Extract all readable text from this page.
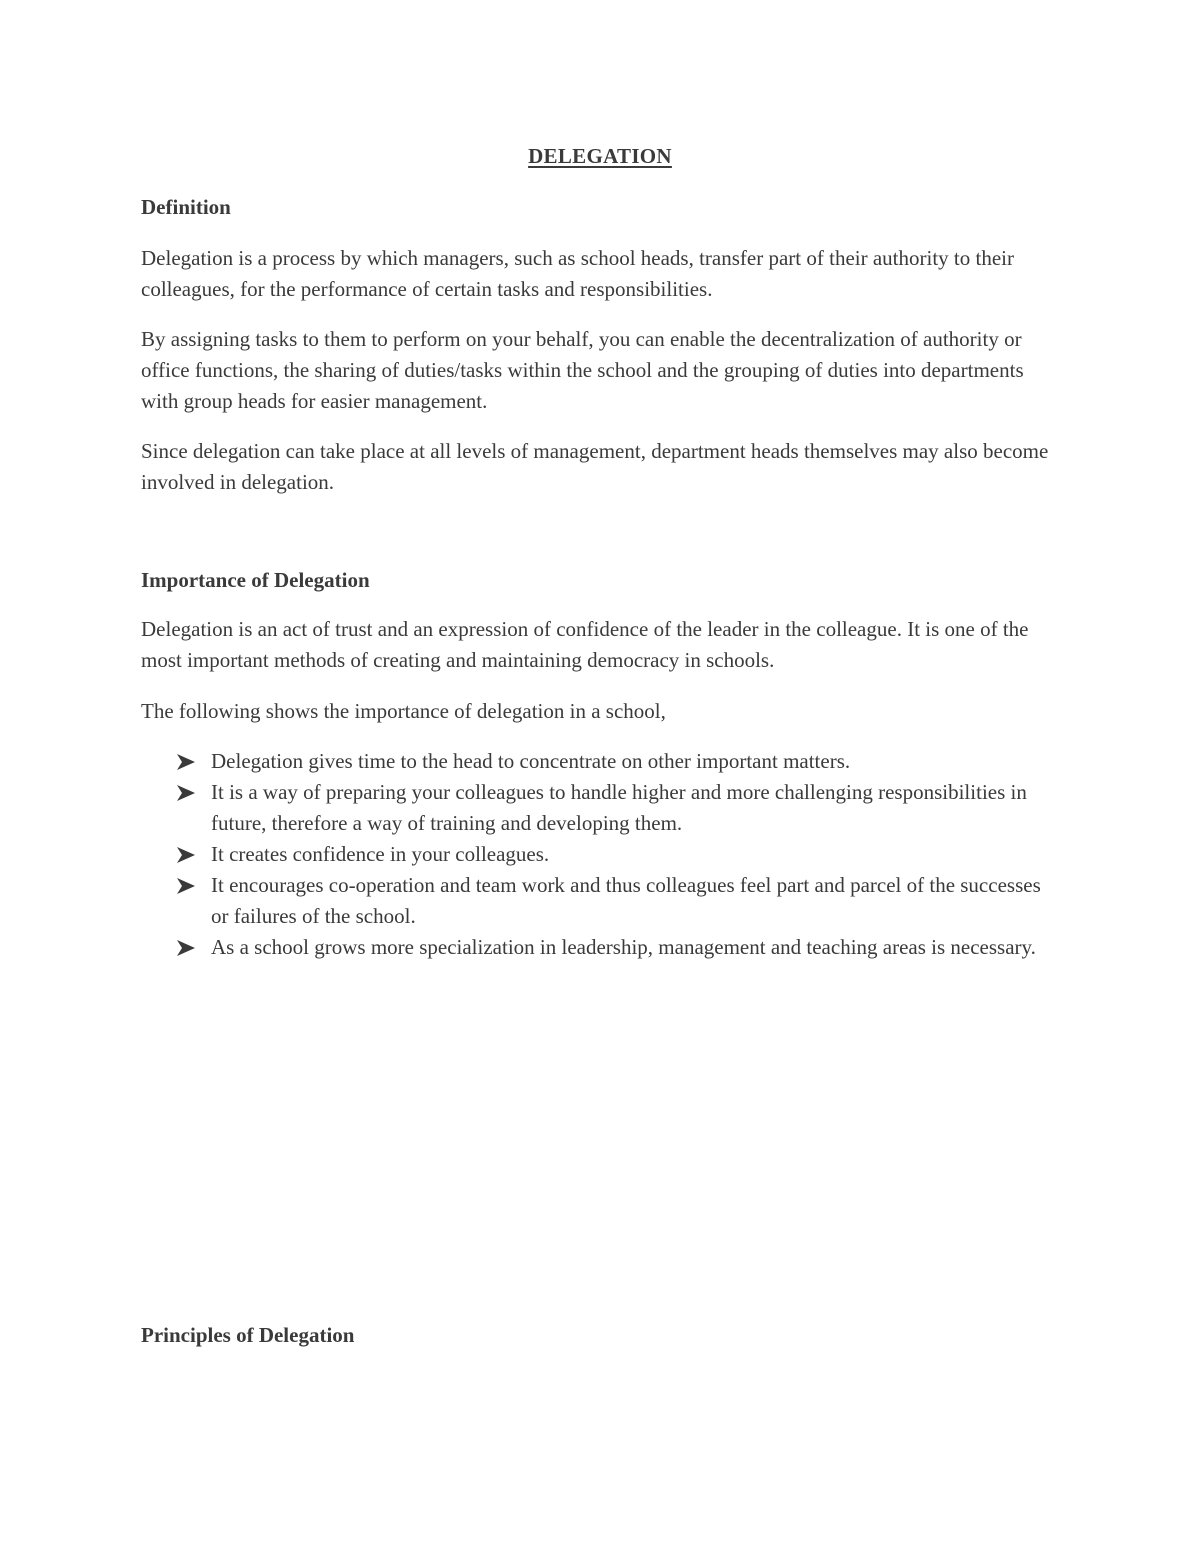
DELEGATION
Definition

Delegation is a process by which managers, such as school heads, transfer part of their authority to their colleagues, for the performance of certain tasks and responsibilities.

By assigning tasks to them to perform on your behalf, you can enable the decentralization of authority or office functions, the sharing of duties/tasks within the school and the grouping of duties into departments with group heads for easier management.

Since delegation can take place at all levels of management, department heads themselves may also become involved in delegation.

Importance of Delegation

Delegation is an act of trust and an expression of confidence of the leader in the colleague. It is one of the most important methods of creating and maintaining democracy in schools.

The following shows the importance of delegation in a school,

Delegation gives time to the head to concentrate on other important matters.
It is a way of preparing your colleagues to handle higher and more challenging responsibilities in future, therefore a way of training and developing them.
It creates confidence in your colleagues.
It encourages co-operation and team work and thus colleagues feel part and parcel of the successes or failures of the school.
As a school grows more specialization in leadership, management and teaching areas is necessary.
Principles of Delegation
